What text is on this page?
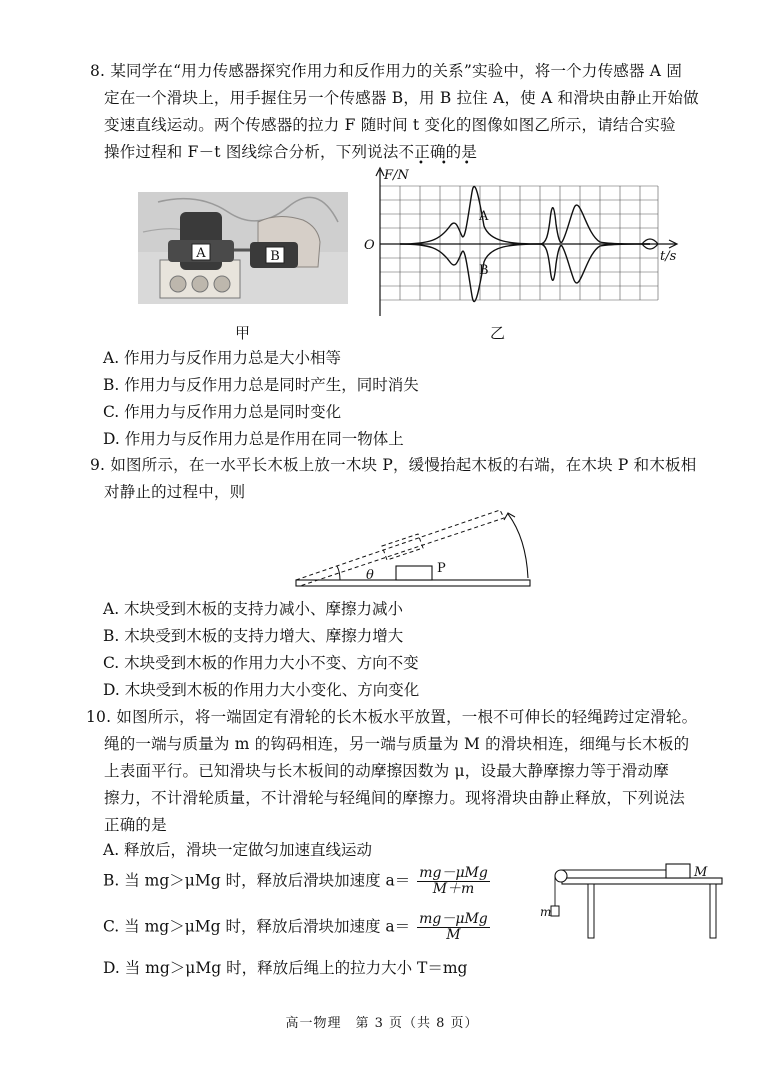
8. 某同学在“用力传感器探究作用力和反作用力的关系”实验中，将一个力传感器 A 固
定在一个滑块上，用手握住另一个传感器 B，用 B 拉住 A，使 A 和滑块由静止开始做
变速直线运动。两个传感器的拉力 F 随时间 t 变化的图像如图乙所示，请结合实验
操作过程和 F－t 图线综合分析，下列说法不正确的是
•••
A	B
甲
F/N
O
t/s
A
B
乙
A. 作用力与反作用力总是大小相等
B. 作用力与反作用力总是同时产生，同时消失
C. 作用力与反作用力总是同时变化
D. 作用力与反作用力总是作用在同一物体上
9. 如图所示，在一水平长木板上放一木块 P，缓慢抬起木板的右端，在木块 P 和木板相
对静止的过程中，则
θ	P
A. 木块受到木板的支持力减小、摩擦力减小
B. 木块受到木板的支持力增大、摩擦力增大
C. 木块受到木板的作用力大小不变、方向不变
D. 木块受到木板的作用力大小变化、方向变化
10. 如图所示，将一端固定有滑轮的长木板水平放置，一根不可伸长的轻绳跨过定滑轮。
绳的一端与质量为 m 的钩码相连，另一端与质量为 M 的滑块相连，细绳与长木板的
上表面平行。已知滑块与长木板间的动摩擦因数为 μ，设最大静摩擦力等于滑动摩
擦力，不计滑轮质量，不计滑轮与轻绳间的摩擦力。现将滑块由静止释放，下列说法
正确的是
A. 释放后，滑块一定做匀加速直线运动
B. 当 mg＞μMg 时，释放后滑块加速度 $a= \frac{\text{mg－μMg}}{M+m}$
C. 当 mg＞μMg 时，释放后滑块加速度 $a= \frac{\text{mg－μMg}}{M}$
D. 当 mg＞μMg 时，释放后绳上的拉力大小 T＝mg
M
m
高一物理　第 3 页（共 8 页）
